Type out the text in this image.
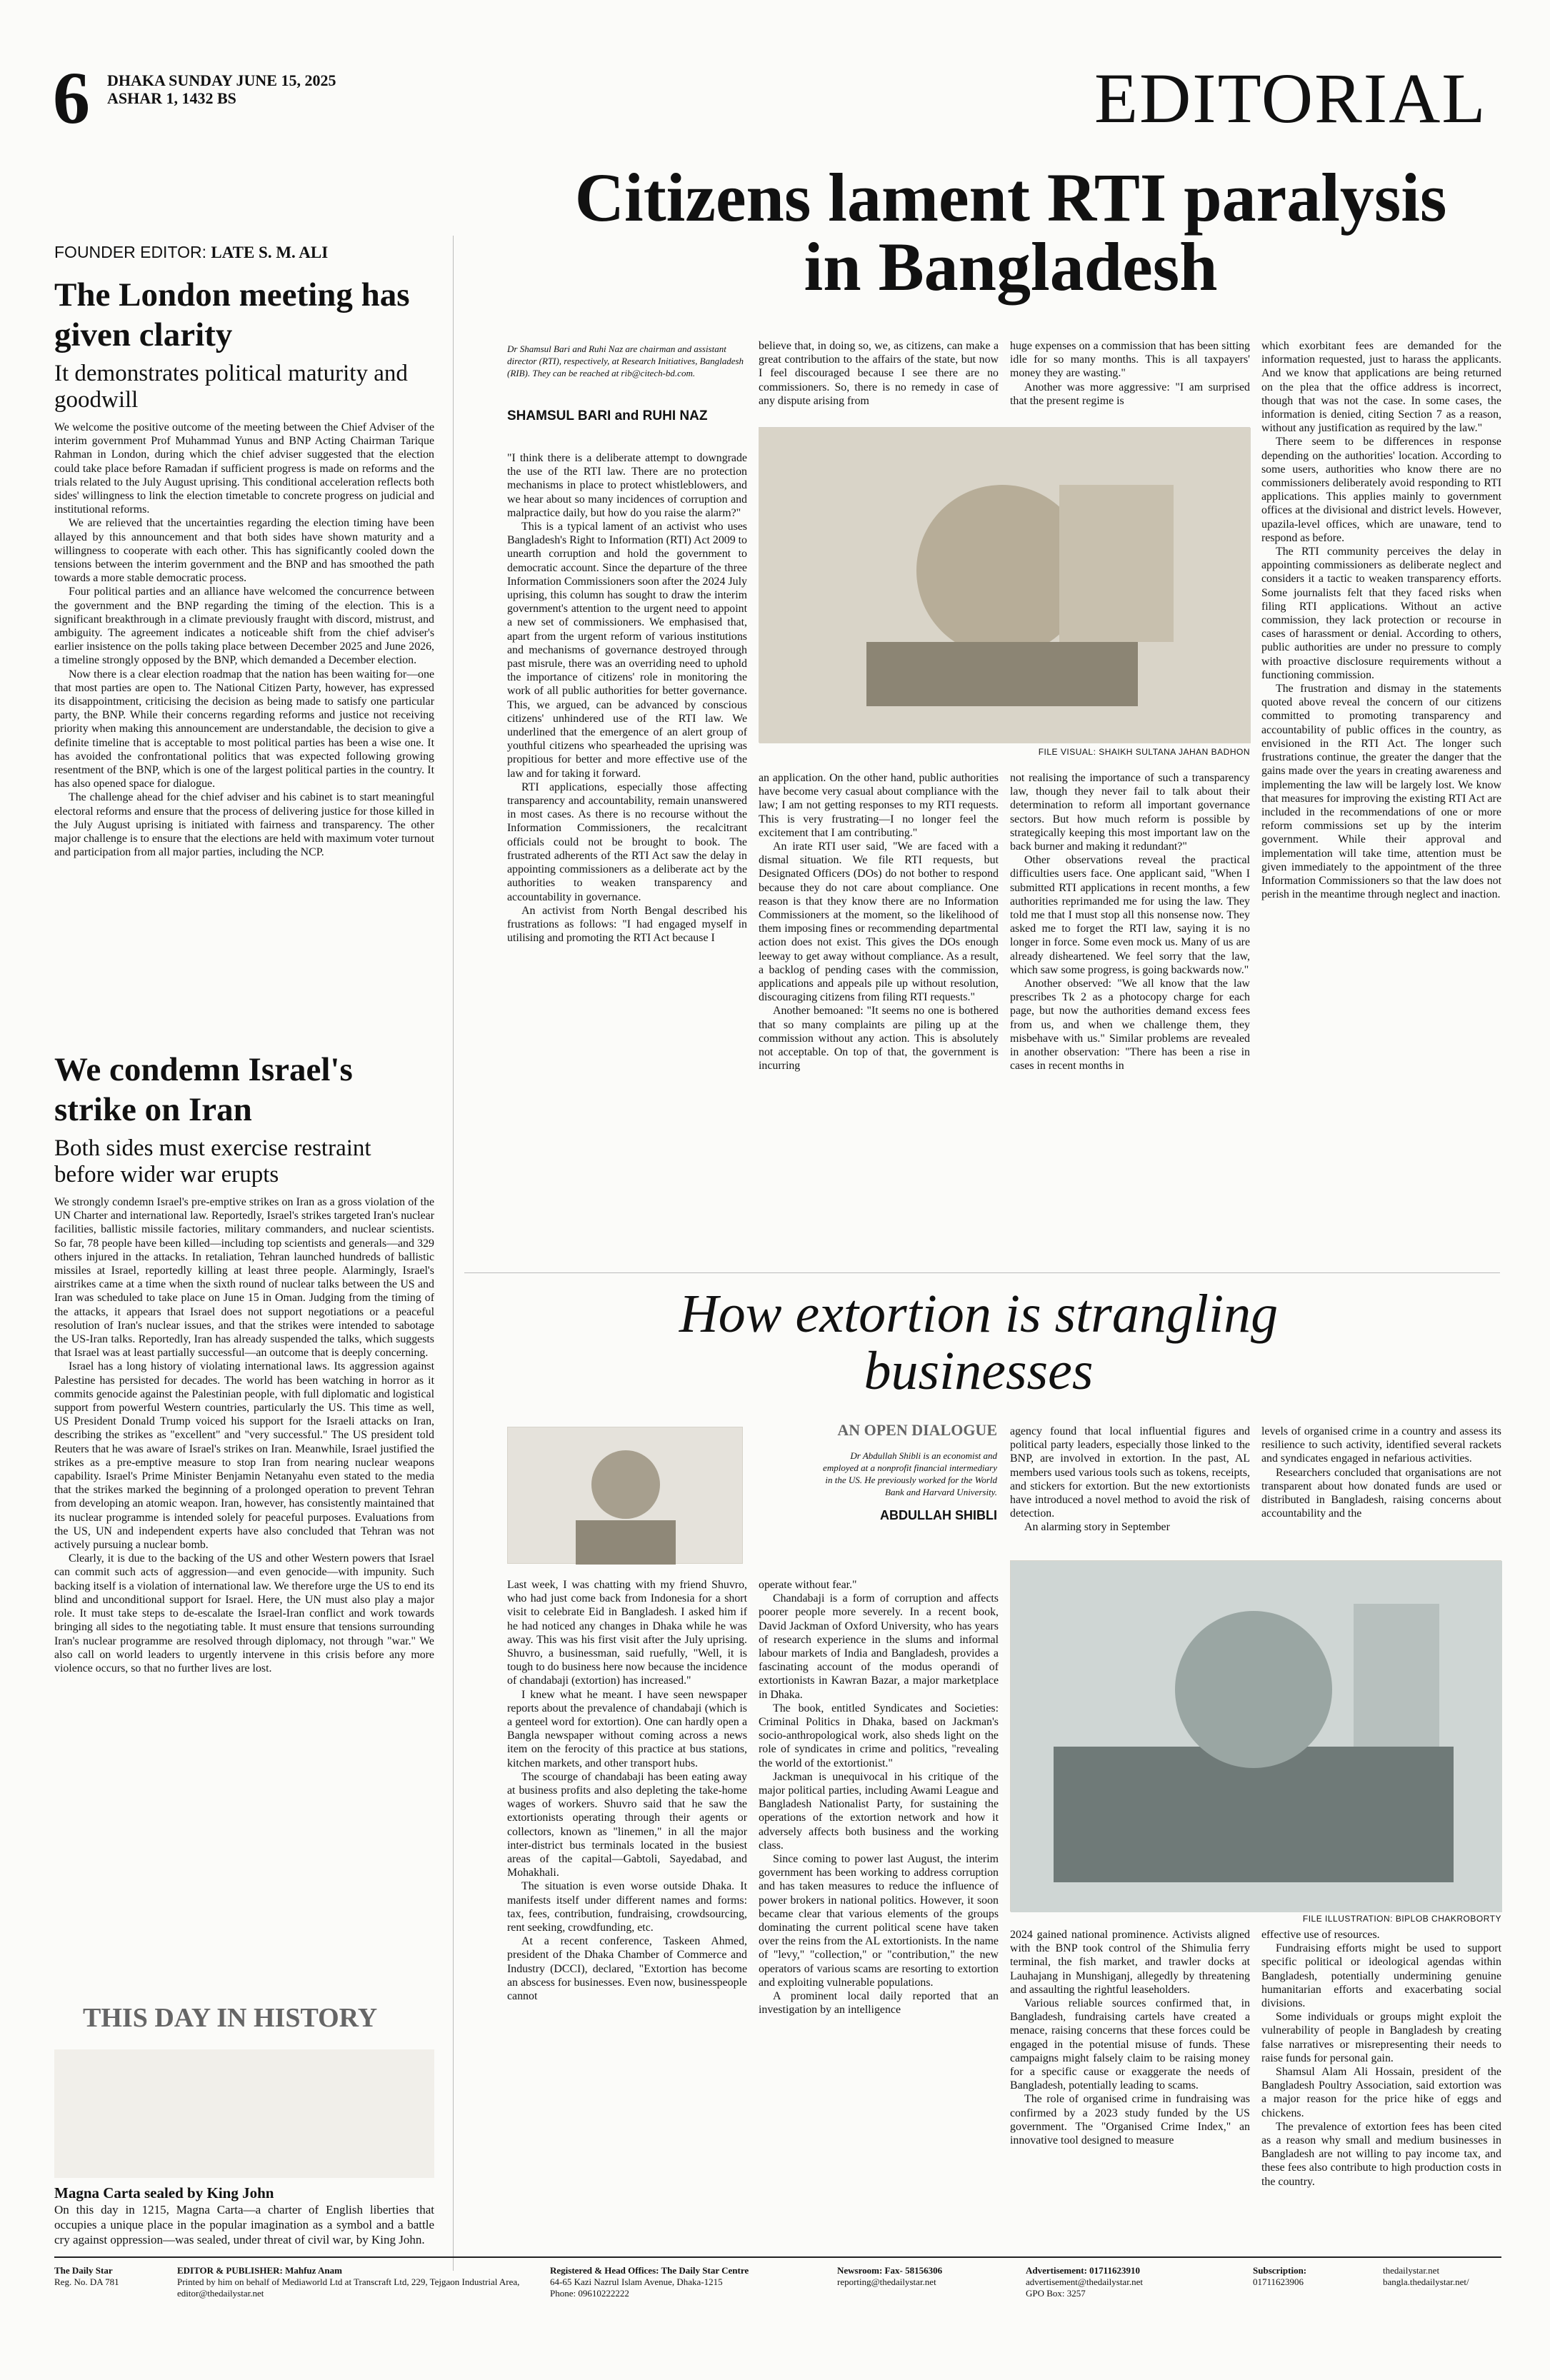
6 DHAKA SUNDAY JUNE 15, 2025
ASHAR 1, 1432 BS	EDITORIAL
FOUNDER EDITOR: LATE S. M. ALI
The London meeting has given clarity
It demonstrates political maturity and goodwill

We welcome the positive outcome of the meeting between the Chief Adviser of the interim government Prof Muhammad Yunus and BNP Acting Chairman Tarique Rahman in London, during which the chief adviser suggested that the election could take place before Ramadan if sufficient progress is made on reforms and the trials related to the July August uprising. This conditional acceleration reflects both sides' willingness to link the election timetable to concrete progress on judicial and institutional reforms.

We are relieved that the uncertainties regarding the election timing have been allayed by this announcement and that both sides have shown maturity and a willingness to cooperate with each other. This has significantly cooled down the tensions between the interim government and the BNP and has smoothed the path towards a more stable democratic process.

Four political parties and an alliance have welcomed the concurrence between the government and the BNP regarding the timing of the election. This is a significant breakthrough in a climate previously fraught with discord, mistrust, and ambiguity. The agreement indicates a noticeable shift from the chief adviser's earlier insistence on the polls taking place between December 2025 and June 2026, a timeline strongly opposed by the BNP, which demanded a December election.

Now there is a clear election roadmap that the nation has been waiting for—one that most parties are open to. The National Citizen Party, however, has expressed its disappointment, criticising the decision as being made to satisfy one particular party, the BNP. While their concerns regarding reforms and justice not receiving priority when making this announcement are understandable, the decision to give a definite timeline that is acceptable to most political parties has been a wise one. It has avoided the confrontational politics that was expected following growing resentment of the BNP, which is one of the largest political parties in the country. It has also opened space for dialogue.

The challenge ahead for the chief adviser and his cabinet is to start meaningful electoral reforms and ensure that the process of delivering justice for those killed in the July August uprising is initiated with fairness and transparency. The other major challenge is to ensure that the elections are held with maximum voter turnout and participation from all major parties, including the NCP.

We condemn Israel's strike on Iran
Both sides must exercise restraint before wider war erupts

We strongly condemn Israel's pre-emptive strikes on Iran as a gross violation of the UN Charter and international law. Reportedly, Israel's strikes targeted Iran's nuclear facilities, ballistic missile factories, military commanders, and nuclear scientists. So far, 78 people have been killed—including top scientists and generals—and 329 others injured in the attacks. In retaliation, Tehran launched hundreds of ballistic missiles at Israel, reportedly killing at least three people. Alarmingly, Israel's airstrikes came at a time when the sixth round of nuclear talks between the US and Iran was scheduled to take place on June 15 in Oman. Judging from the timing of the attacks, it appears that Israel does not support negotiations or a peaceful resolution of Iran's nuclear issues, and that the strikes were intended to sabotage the US-Iran talks. Reportedly, Iran has already suspended the talks, which suggests that Israel was at least partially successful—an outcome that is deeply concerning.

Israel has a long history of violating international laws. Its aggression against Palestine has persisted for decades. The world has been watching in horror as it commits genocide against the Palestinian people, with full diplomatic and logistical support from powerful Western countries, particularly the US. This time as well, US President Donald Trump voiced his support for the Israeli attacks on Iran, describing the strikes as "excellent" and "very successful." The US president told Reuters that he was aware of Israel's strikes on Iran. Meanwhile, Israel justified the strikes as a pre-emptive measure to stop Iran from nearing nuclear weapons capability. Israel's Prime Minister Benjamin Netanyahu even stated to the media that the strikes marked the beginning of a prolonged operation to prevent Tehran from developing an atomic weapon. Iran, however, has consistently maintained that its nuclear programme is intended solely for peaceful purposes. Evaluations from the US, UN and independent experts have also concluded that Tehran was not actively pursuing a nuclear bomb.

Clearly, it is due to the backing of the US and other Western powers that Israel can commit such acts of aggression—and even genocide—with impunity. Such backing itself is a violation of international law. We therefore urge the US to end its blind and unconditional support for Israel. Here, the UN must also play a major role. It must take steps to de-escalate the Israel-Iran conflict and work towards bringing all sides to the negotiating table. It must ensure that tensions surrounding Iran's nuclear programme are resolved through diplomacy, not through "war." We also call on world leaders to urgently intervene in this crisis before any more violence occurs, so that no further lives are lost.

THIS DAY IN HISTORY
Magna Carta sealed by King John
On this day in 1215, Magna Carta—a charter of English liberties that occupies a unique place in the popular imagination as a symbol and a battle cry against oppression—was sealed, under threat of civil war, by King John.
Citizens lament RTI paralysis in Bangladesh
Dr Shamsul Bari and Ruhi Naz are chairman and assistant director (RTI), respectively, at Research Initiatives, Bangladesh (RIB). They can be reached at rib@citech-bd.com.
SHAMSUL BARI and RUHI NAZ

"I think there is a deliberate attempt to downgrade the use of the RTI law. There are no protection mechanisms in place to protect whistleblowers, and we hear about so many incidences of corruption and malpractice daily, but how do you raise the alarm?"

This is a typical lament of an activist who uses Bangladesh's Right to Information (RTI) Act 2009 to unearth corruption and hold the government to democratic account. Since the departure of the three Information Commissioners soon after the 2024 July uprising, this column has sought to draw the interim government's attention to the urgent need to appoint a new set of commissioners. We emphasised that, apart from the urgent reform of various institutions and mechanisms of governance destroyed through past misrule, there was an overriding need to uphold the importance of citizens' role in monitoring the work of all public authorities for better governance. This, we argued, can be advanced by conscious citizens' unhindered use of the RTI law. We underlined that the emergence of an alert group of youthful citizens who spearheaded the uprising was propitious for better and more effective use of the law and for taking it forward.

RTI applications, especially those affecting transparency and accountability, remain unanswered in most cases. As there is no recourse without the Information Commissioners, the recalcitrant officials could not be brought to book. The frustrated adherents of the RTI Act saw the delay in appointing commissioners as a deliberate act by the authorities to weaken transparency and accountability in governance.

An activist from North Bengal described his frustrations as follows: "I had engaged myself in utilising and promoting the RTI Act because I

believe that, in doing so, we, as citizens, can make a great contribution to the affairs of the state, but now I feel discouraged because I see there are no commissioners. So, there is no remedy in case of any dispute arising from

huge expenses on a commission that has been sitting idle for so many months. This is all taxpayers' money they are wasting."

Another was more aggressive: "I am surprised that the present regime is

FILE VISUAL: SHAIKH SULTANA JAHAN BADHON

an application. On the other hand, public authorities have become very casual about compliance with the law; I am not getting responses to my RTI requests. This is very frustrating—I no longer feel the excitement that I am contributing."

An irate RTI user said, "We are faced with a dismal situation. We file RTI requests, but Designated Officers (DOs) do not bother to respond because they do not care about compliance. One reason is that they know there are no Information Commissioners at the moment, so the likelihood of them imposing fines or recommending departmental action does not exist. This gives the DOs enough leeway to get away without compliance. As a result, a backlog of pending cases with the commission, applications and appeals pile up without resolution, discouraging citizens from filing RTI requests."

Another bemoaned: "It seems no one is bothered that so many complaints are piling up at the commission without any action. This is absolutely not acceptable. On top of that, the government is incurring

not realising the importance of such a transparency law, though they never fail to talk about their determination to reform all important governance sectors. But how much reform is possible by strategically keeping this most important law on the back burner and making it redundant?"

Other observations reveal the practical difficulties users face. One applicant said, "When I submitted RTI applications in recent months, a few authorities reprimanded me for using the law. They told me that I must stop all this nonsense now. They asked me to forget the RTI law, saying it is no longer in force. Some even mock us. Many of us are already disheartened. We feel sorry that the law, which saw some progress, is going backwards now."

Another observed: "We all know that the law prescribes Tk 2 as a photocopy charge for each page, but now the authorities demand excess fees from us, and when we challenge them, they misbehave with us." Similar problems are revealed in another observation: "There has been a rise in cases in recent months in

which exorbitant fees are demanded for the information requested, just to harass the applicants. And we know that applications are being returned on the plea that the office address is incorrect, though that was not the case. In some cases, the information is denied, citing Section 7 as a reason, without any justification as required by the law."

There seem to be differences in response depending on the authorities' location. According to some users, authorities who know there are no commissioners deliberately avoid responding to RTI applications. This applies mainly to government offices at the divisional and district levels. However, upazila-level offices, which are unaware, tend to respond as before.

The RTI community perceives the delay in appointing commissioners as deliberate neglect and considers it a tactic to weaken transparency efforts. Some journalists felt that they faced risks when filing RTI applications. Without an active commission, they lack protection or recourse in cases of harassment or denial. According to others, public authorities are under no pressure to comply with proactive disclosure requirements without a functioning commission.

The frustration and dismay in the statements quoted above reveal the concern of our citizens committed to promoting transparency and accountability of public offices in the country, as envisioned in the RTI Act. The longer such frustrations continue, the greater the danger that the gains made over the years in creating awareness and implementing the law will be largely lost. We know that measures for improving the existing RTI Act are included in the recommendations of one or more reform commissions set up by the interim government. While their approval and implementation will take time, attention must be given immediately to the appointment of the three Information Commissioners so that the law does not perish in the meantime through neglect and inaction.

How extortion is strangling businesses
AN OPEN DIALOGUE
Dr Abdullah Shibli is an economist and employed at a nonprofit financial intermediary in the US. He previously worked for the World Bank and Harvard University.
ABDULLAH SHIBLI

agency found that local influential figures and political party leaders, especially those linked to the BNP, are involved in extortion. In the past, AL members used various tools such as tokens, receipts, and stickers for extortion. But the new extortionists have introduced a novel method to avoid the risk of detection.

An alarming story in September

levels of organised crime in a country and assess its resilience to such activity, identified several rackets and syndicates engaged in nefarious activities.

Researchers concluded that organisations are not transparent about how donated funds are used or distributed in Bangladesh, raising concerns about accountability and the

Last week, I was chatting with my friend Shuvro, who had just come back from Indonesia for a short visit to celebrate Eid in Bangladesh. I asked him if he had noticed any changes in Dhaka while he was away. This was his first visit after the July uprising. Shuvro, a businessman, said ruefully, "Well, it is tough to do business here now because the incidence of chandabaji (extortion) has increased."

I knew what he meant. I have seen newspaper reports about the prevalence of chandabaji (which is a genteel word for extortion). One can hardly open a Bangla newspaper without coming across a news item on the ferocity of this practice at bus stations, kitchen markets, and other transport hubs.

The scourge of chandabaji has been eating away at business profits and also depleting the take-home wages of workers. Shuvro said that he saw the extortionists operating through their agents or collectors, known as "linemen," in all the major inter-district bus terminals located in the busiest areas of the capital—Gabtoli, Sayedabad, and Mohakhali.

The situation is even worse outside Dhaka. It manifests itself under different names and forms: tax, fees, contribution, fundraising, crowdsourcing, rent seeking, crowdfunding, etc.

At a recent conference, Taskeen Ahmed, president of the Dhaka Chamber of Commerce and Industry (DCCI), declared, "Extortion has become an abscess for businesses. Even now, businesspeople cannot

operate without fear."

Chandabaji is a form of corruption and affects poorer people more severely. In a recent book, David Jackman of Oxford University, who has years of research experience in the slums and informal labour markets of India and Bangladesh, provides a fascinating account of the modus operandi of extortionists in Kawran Bazar, a major marketplace in Dhaka.

The book, entitled Syndicates and Societies: Criminal Politics in Dhaka, based on Jackman's socio-anthropological work, also sheds light on the role of syndicates in crime and politics, "revealing the world of the extortionist."

Jackman is unequivocal in his critique of the major political parties, including Awami League and Bangladesh Nationalist Party, for sustaining the operations of the extortion network and how it adversely affects both business and the working class.

Since coming to power last August, the interim government has been working to address corruption and has taken measures to reduce the influence of power brokers in national politics. However, it soon became clear that various elements of the groups dominating the current political scene have taken over the reins from the AL extortionists. In the name of "levy," "collection," or "contribution," the new operators of various scams are resorting to extortion and exploiting vulnerable populations.

A prominent local daily reported that an investigation by an intelligence

FILE ILLUSTRATION: BIPLOB CHAKROBORTY

2024 gained national prominence. Activists aligned with the BNP took control of the Shimulia ferry terminal, the fish market, and trawler docks at Lauhajang in Munshiganj, allegedly by threatening and assaulting the rightful leaseholders.

Various reliable sources confirmed that, in Bangladesh, fundraising cartels have created a menace, raising concerns that these forces could be engaged in the potential misuse of funds. These campaigns might falsely claim to be raising money for a specific cause or exaggerate the needs of Bangladesh, potentially leading to scams.

The role of organised crime in fundraising was confirmed by a 2023 study funded by the US government. The "Organised Crime Index," an innovative tool designed to measure

effective use of resources.

Fundraising efforts might be used to support specific political or ideological agendas within Bangladesh, potentially undermining genuine humanitarian efforts and exacerbating social divisions.

Some individuals or groups might exploit the vulnerability of people in Bangladesh by creating false narratives or misrepresenting their needs to raise funds for personal gain.

Shamsul Alam Ali Hossain, president of the Bangladesh Poultry Association, said extortion was a major reason for the price hike of eggs and chickens.

The prevalence of extortion fees has been cited as a reason why small and medium businesses in Bangladesh are not willing to pay income tax, and these fees also contribute to high production costs in the country.

The Daily Star
Reg. No. DA 781
EDITOR & PUBLISHER: Mahfuz Anam
Printed by him on behalf of Mediaworld Ltd at Transcraft Ltd, 229, Tejgaon Industrial Area, editor@thedailystar.net
Registered & Head Offices: The Daily Star Centre
64-65 Kazi Nazrul Islam Avenue, Dhaka-1215
Phone: 09610222222
Newsroom: Fax- 58156306
reporting@thedailystar.net
Advertisement: 01711623910
advertisement@thedailystar.net
GPO Box: 3257
Subscription:
01711623906
thedailystar.net
bangla.thedailystar.net/
